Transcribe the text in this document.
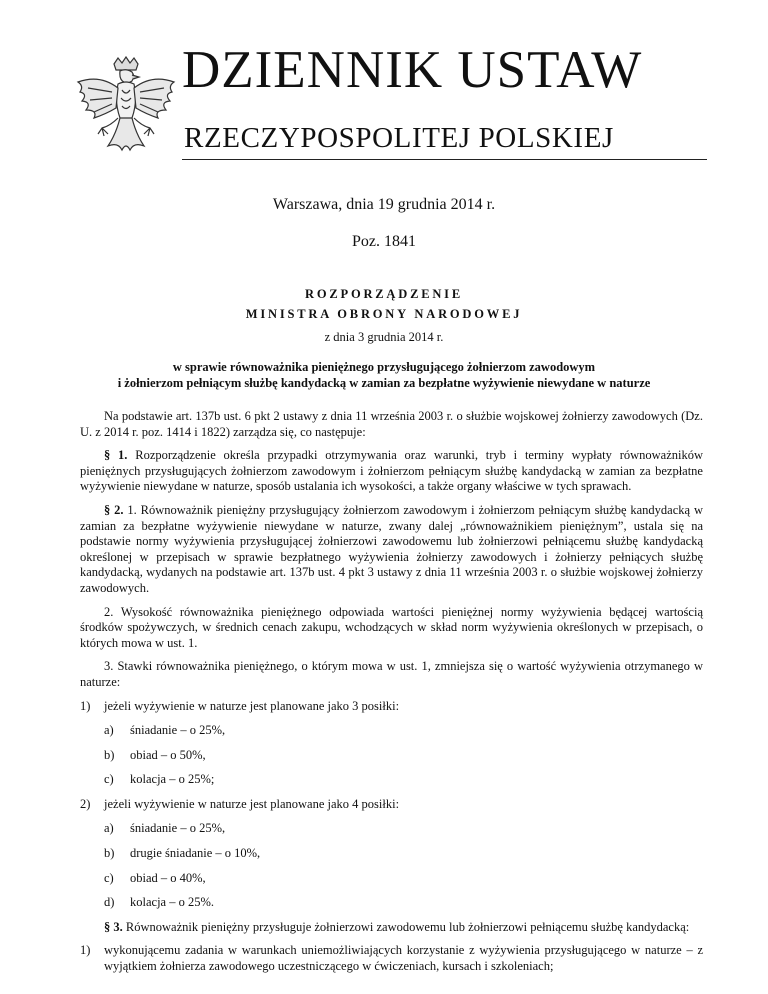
DZIENNIK USTAW
RZECZYPOSPOLITEJ POLSKIEJ
Warszawa, dnia 19 grudnia 2014 r.
Poz. 1841
ROZPORZĄDZENIE
MINISTRA OBRONY NARODOWEJ
z dnia 3 grudnia 2014 r.
w sprawie równoważnika pieniężnego przysługującego żołnierzom zawodowym
i żołnierzom pełniącym służbę kandydacką w zamian za bezpłatne wyżywienie niewydane w naturze

Na podstawie art. 137b ust. 6 pkt 2 ustawy z dnia 11 września 2003 r. o służbie wojskowej żołnierzy zawodowych (Dz. U. z 2014 r. poz. 1414 i 1822) zarządza się, co następuje:

§ 1. Rozporządzenie określa przypadki otrzymywania oraz warunki, tryb i terminy wypłaty równoważników pieniężnych przysługujących żołnierzom zawodowym i żołnierzom pełniącym służbę kandydacką w zamian za bezpłatne wyżywienie niewydane w naturze, sposób ustalania ich wysokości, a także organy właściwe w tych sprawach.

§ 2. 1. Równoważnik pieniężny przysługujący żołnierzom zawodowym i żołnierzom pełniącym służbę kandydacką w zamian za bezpłatne wyżywienie niewydane w naturze, zwany dalej „równoważnikiem pieniężnym”, ustala się na podstawie normy wyżywienia przysługującej żołnierzowi zawodowemu lub żołnierzowi pełniącemu służbę kandydacką określonej w przepisach w sprawie bezpłatnego wyżywienia żołnierzy zawodowych i żołnierzy pełniących służbę kandydacką, wydanych na podstawie art. 137b ust. 4 pkt 3 ustawy z dnia 11 września 2003 r. o służbie wojskowej żołnierzy zawodowych.

2. Wysokość równoważnika pieniężnego odpowiada wartości pieniężnej normy wyżywienia będącej wartością środków spożywczych, w średnich cenach zakupu, wchodzących w skład norm wyżywienia określonych w przepisach, o których mowa w ust. 1.

3. Stawki równoważnika pieniężnego, o którym mowa w ust. 1, zmniejsza się o wartość wyżywienia otrzymanego w naturze:

1) jeżeli wyżywienie w naturze jest planowane jako 3 posiłki:
a) śniadanie – o 25%,
b) obiad – o 50%,
c) kolacja – o 25%;
2) jeżeli wyżywienie w naturze jest planowane jako 4 posiłki:
a) śniadanie – o 25%,
b) drugie śniadanie – o 10%,
c) obiad – o 40%,
d) kolacja – o 25%.

§ 3. Równoważnik pieniężny przysługuje żołnierzowi zawodowemu lub żołnierzowi pełniącemu służbę kandydacką:

1) wykonującemu zadania w warunkach uniemożliwiających korzystanie z wyżywienia przysługującego w naturze – z wyjątkiem żołnierza zawodowego uczestniczącego w ćwiczeniach, kursach i szkoleniach;
